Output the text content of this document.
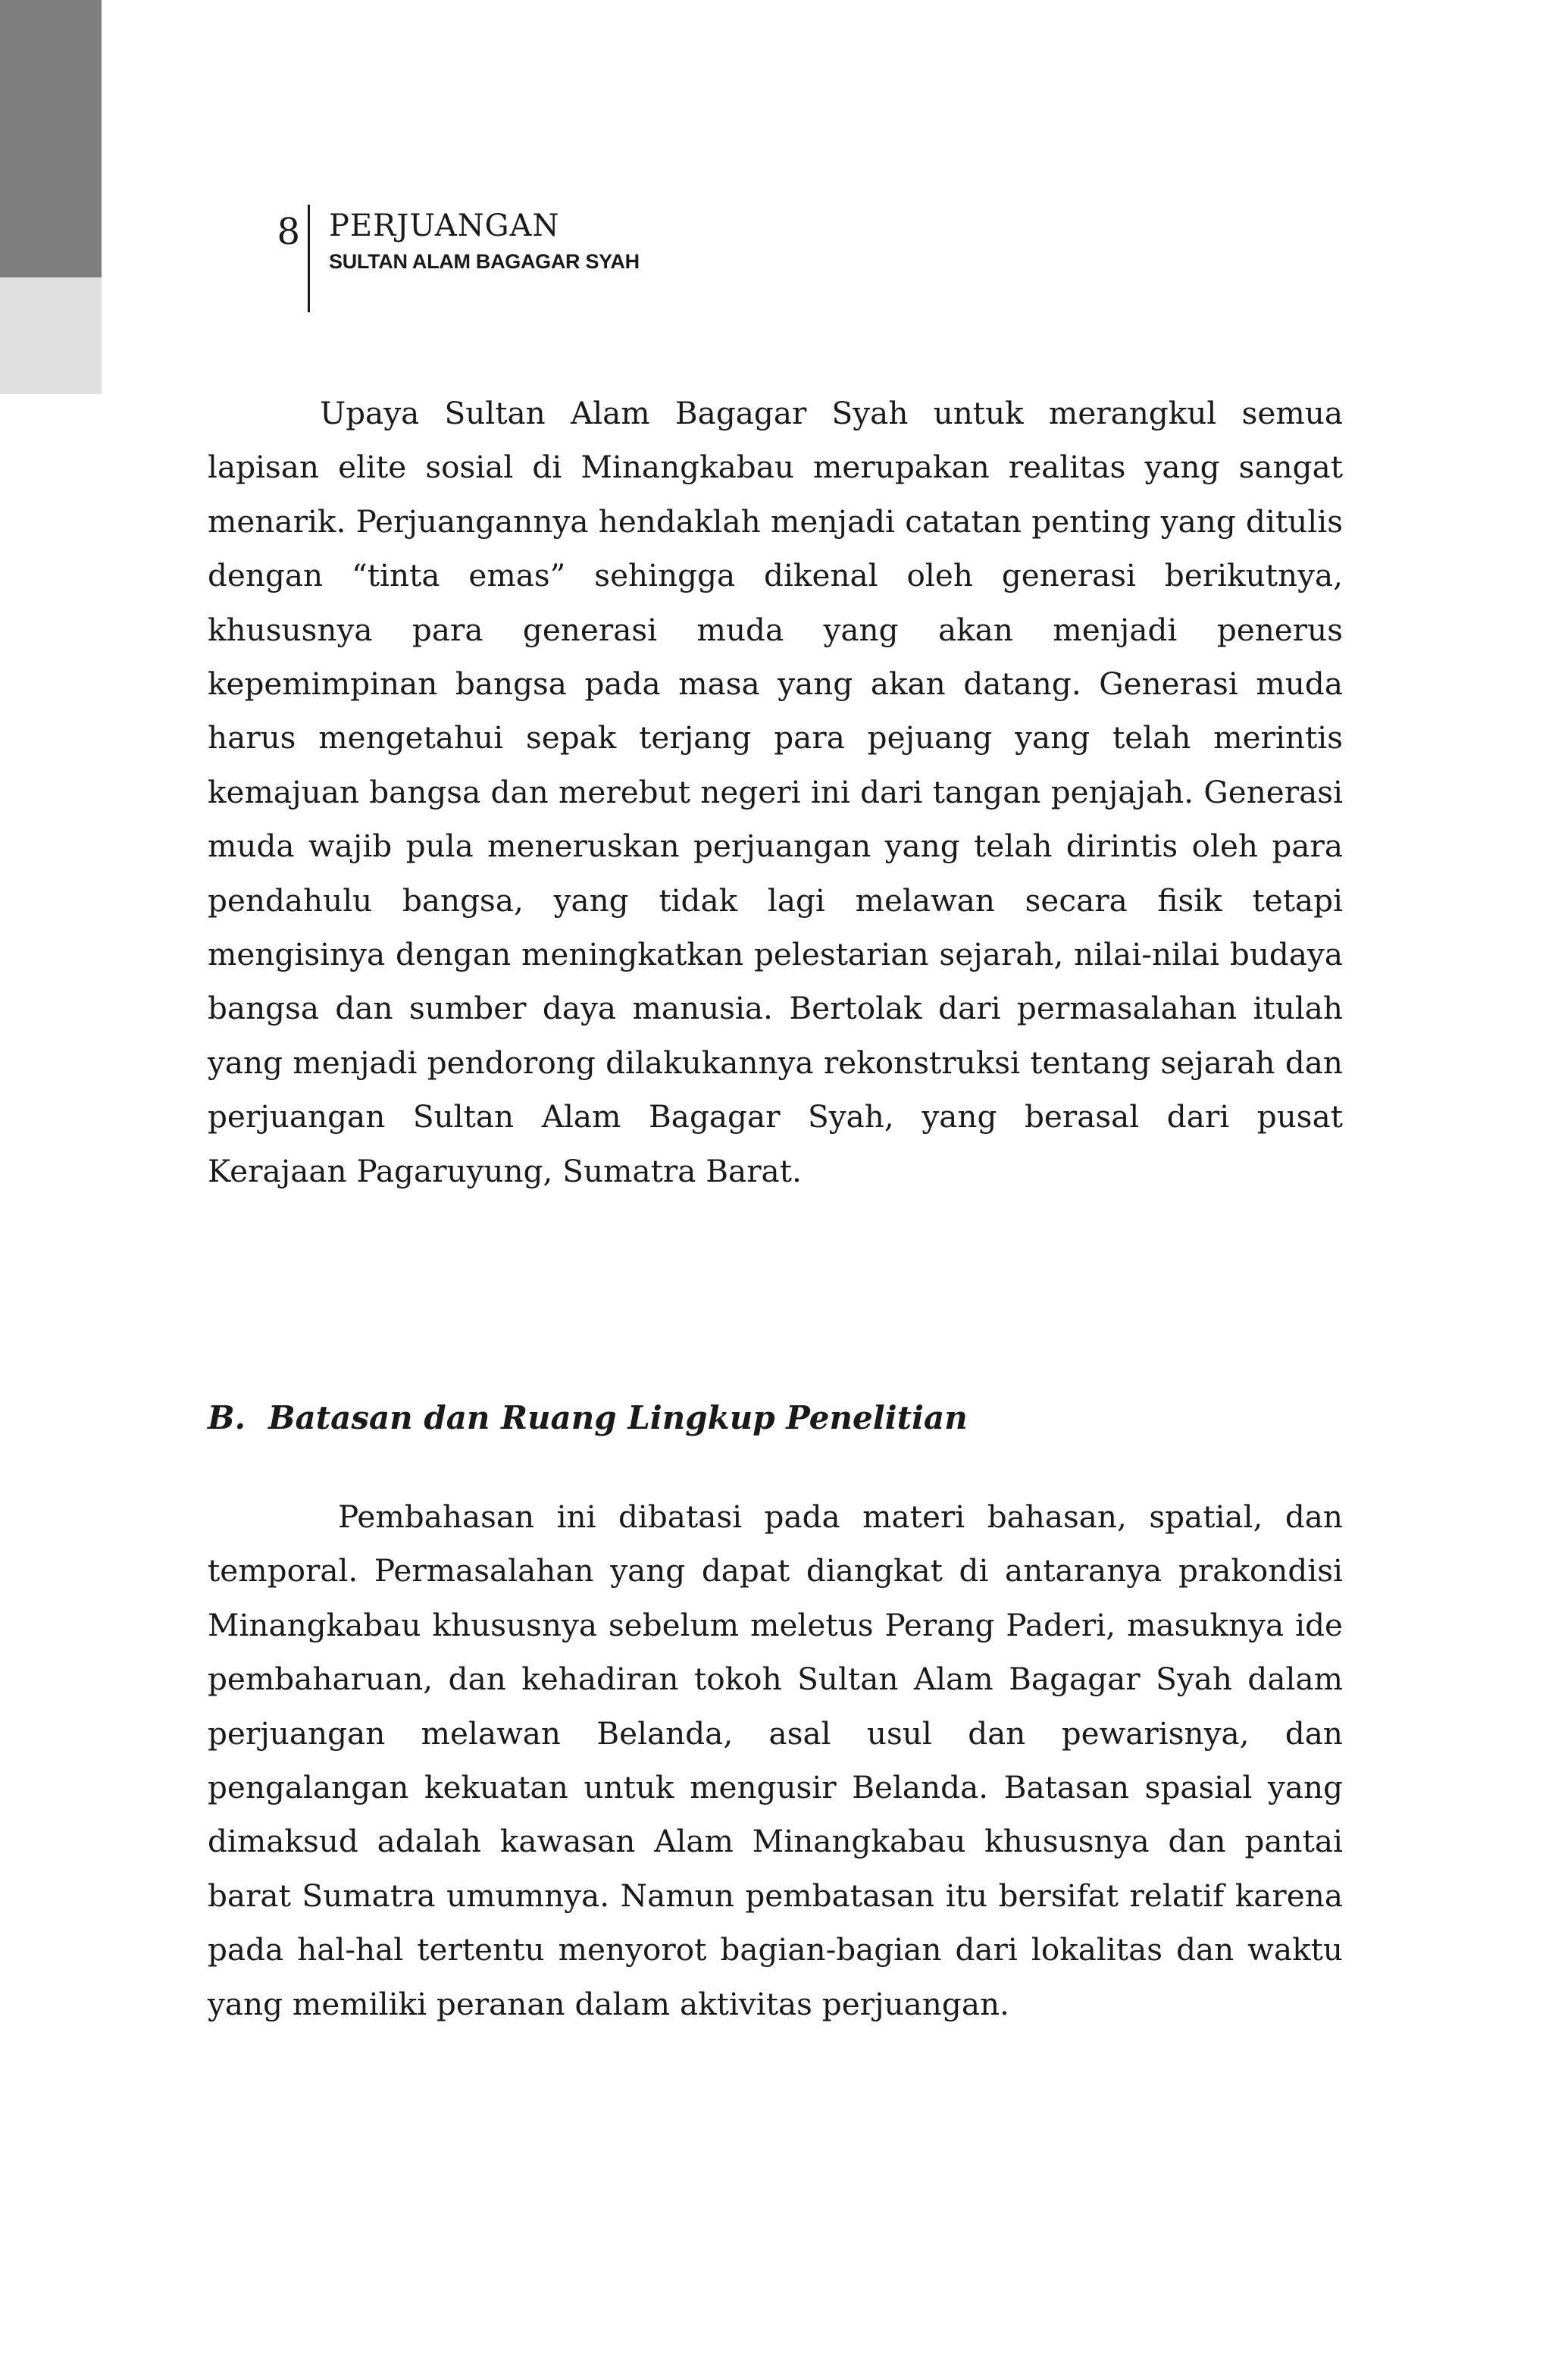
8 PERJUANGAN
SULTAN ALAM BAGAGAR SYAH

Upaya Sultan Alam Bagagar Syah untuk merangkul semua lapisan elite sosial di Minangkabau merupakan realitas yang sangat menarik. Perjuangannya hendaklah menjadi catatan penting yang ditulis dengan “tinta emas” sehingga dikenal oleh generasi berikutnya, khususnya para generasi muda yang akan menjadi penerus kepemimpinan bangsa pada masa yang akan datang. Generasi muda harus mengetahui sepak terjang para pejuang yang telah merintis kemajuan bangsa dan merebut negeri ini dari tangan penjajah. Generasi muda wajib pula meneruskan perjuangan yang telah dirintis oleh para pendahulu bangsa, yang tidak lagi melawan secara fisik tetapi mengisinya dengan meningkatkan pelestarian sejarah, nilai-nilai budaya bangsa dan sumber daya manusia. Bertolak dari permasalahan itulah yang menjadi pendorong dilakukannya rekonstruksi tentang sejarah dan perjuangan Sultan Alam Bagagar Syah, yang berasal dari pusat Kerajaan Pagaruyung, Sumatra Barat.

B. Batasan dan Ruang Lingkup Penelitian

Pembahasan ini dibatasi pada materi bahasan, spatial, dan temporal. Permasalahan yang dapat diangkat di antaranya prakondisi Minangkabau khususnya sebelum meletus Perang Paderi, masuknya ide pembaharuan, dan kehadiran tokoh Sultan Alam Bagagar Syah dalam perjuangan melawan Belanda, asal usul dan pewarisnya, dan pengalangan kekuatan untuk mengusir Belanda. Batasan spasial yang dimaksud adalah kawasan Alam Minangkabau khususnya dan pantai barat Sumatra umumnya. Namun pembatasan itu bersifat relatif karena pada hal-hal tertentu menyorot bagian-bagian dari lokalitas dan waktu yang memiliki peranan dalam aktivitas perjuangan.
